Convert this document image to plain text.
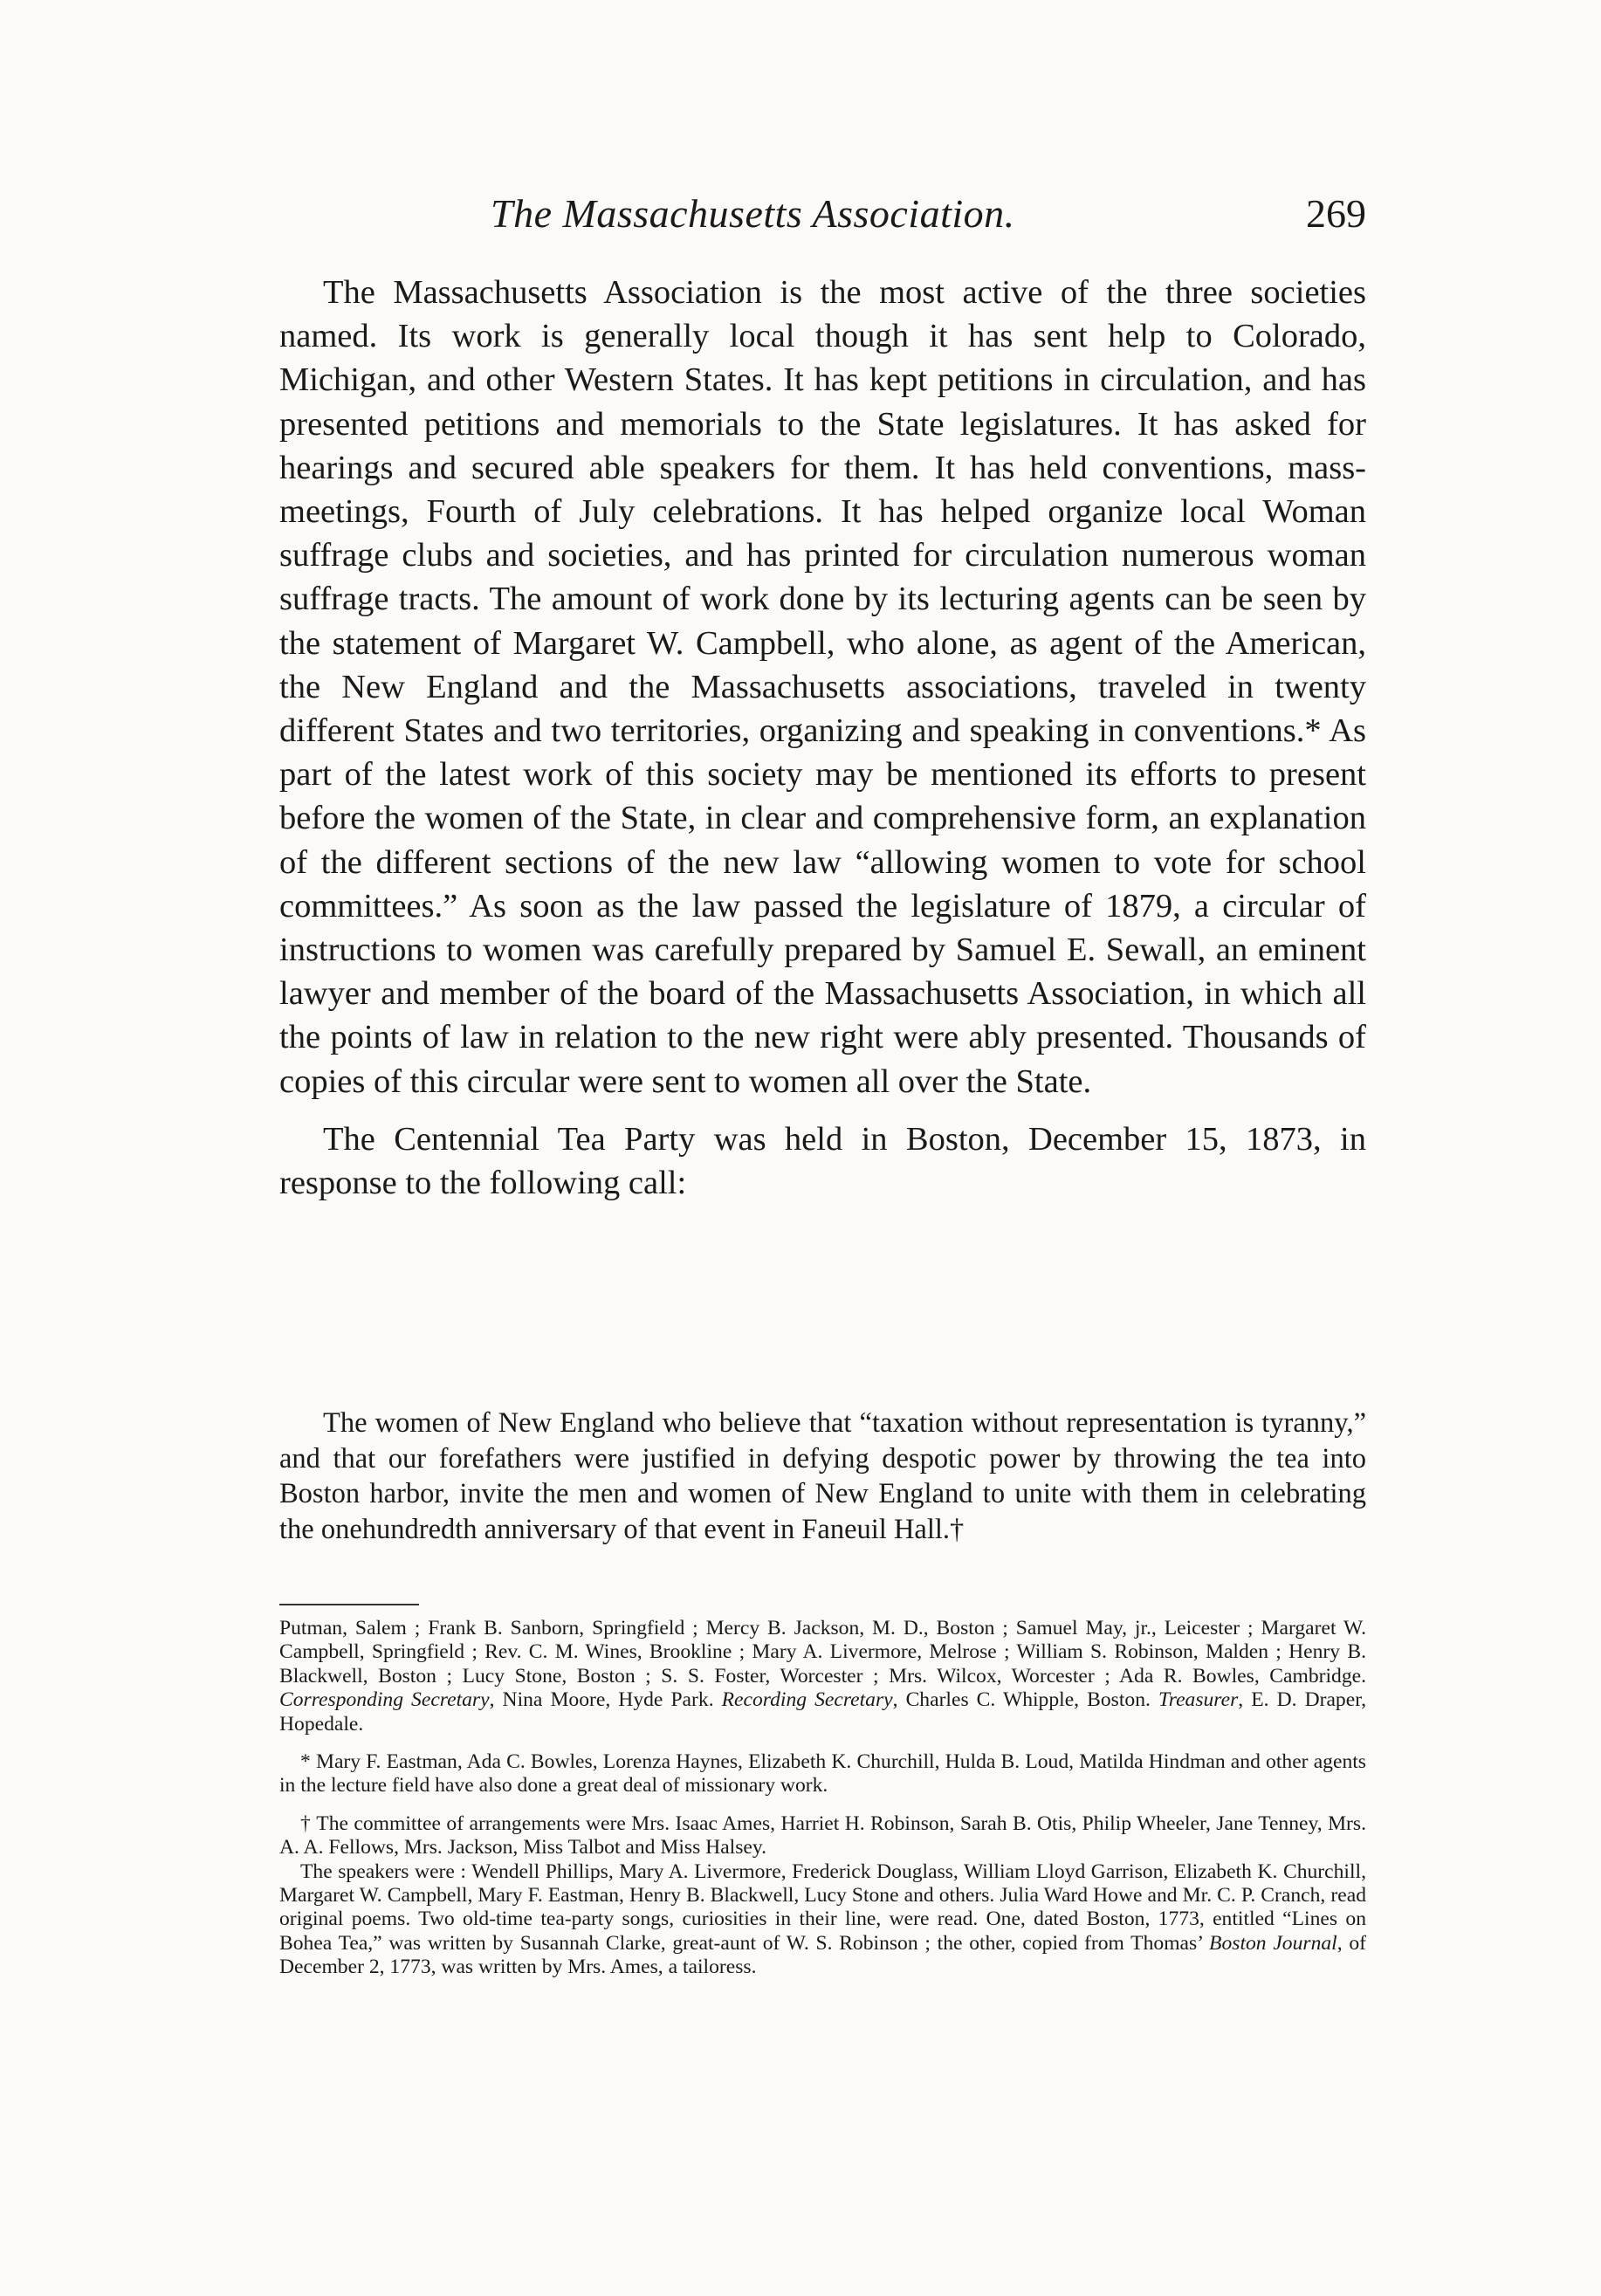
The Massachusetts Association.	269

The Massachusetts Association is the most active of the three societies named. Its work is generally local though it has sent help to Colorado, Michigan, and other Western States. It has kept petitions in circulation, and has presented petitions and memorials to the State legislatures. It has asked for hearings and secured able speakers for them. It has held conventions, mass-meetings, Fourth of July celebrations. It has helped organize local Woman suffrage clubs and societies, and has printed for circulation numerous woman suffrage tracts. The amount of work done by its lecturing agents can be seen by the statement of Margaret W. Campbell, who alone, as agent of the American, the New England and the Massachusetts associations, traveled in twenty different States and two territories, organizing and speaking in conventions.* As part of the latest work of this society may be mentioned its efforts to present before the women of the State, in clear and comprehensive form, an explanation of the different sections of the new law “allowing women to vote for school committees.” As soon as the law passed the legislature of 1879, a circular of instructions to women was carefully prepared by Samuel E. Sewall, an eminent lawyer and member of the board of the Massachusetts Association, in which all the points of law in relation to the new right were ably presented. Thousands of copies of this circular were sent to women all over the State.

The Centennial Tea Party was held in Boston, December 15, 1873, in response to the following call:

The women of New England who believe that “taxation without representation is tyranny,” and that our forefathers were justified in defying despotic power by throwing the tea into Boston harbor, invite the men and women of New England to unite with them in celebrating the onehundredth anniversary of that event in Faneuil Hall.†

Putman, Salem ; Frank B. Sanborn, Springfield ; Mercy B. Jackson, M. D., Boston ; Samuel May, jr., Leicester ; Margaret W. Campbell, Springfield ; Rev. C. M. Wines, Brookline ; Mary A. Livermore, Melrose ; William S. Robinson, Malden ; Henry B. Blackwell, Boston ; Lucy Stone, Boston ; S. S. Foster, Worcester ; Mrs. Wilcox, Worcester ; Ada R. Bowles, Cambridge. Corresponding Secretary, Nina Moore, Hyde Park. Recording Secretary, Charles C. Whipple, Boston. Treasurer, E. D. Draper, Hopedale.

* Mary F. Eastman, Ada C. Bowles, Lorenza Haynes, Elizabeth K. Churchill, Hulda B. Loud, Matilda Hindman and other agents in the lecture field have also done a great deal of missionary work.

† The committee of arrangements were Mrs. Isaac Ames, Harriet H. Robinson, Sarah B. Otis, Philip Wheeler, Jane Tenney, Mrs. A. A. Fellows, Mrs. Jackson, Miss Talbot and Miss Halsey.

The speakers were : Wendell Phillips, Mary A. Livermore, Frederick Douglass, William Lloyd Garrison, Elizabeth K. Churchill, Margaret W. Campbell, Mary F. Eastman, Henry B. Blackwell, Lucy Stone and others. Julia Ward Howe and Mr. C. P. Cranch, read original poems. Two old-time tea-party songs, curiosities in their line, were read. One, dated Boston, 1773, entitled “Lines on Bohea Tea,” was written by Susannah Clarke, great-aunt of W. S. Robinson ; the other, copied from Thomas’ Boston Journal, of December 2, 1773, was written by Mrs. Ames, a tailoress.
